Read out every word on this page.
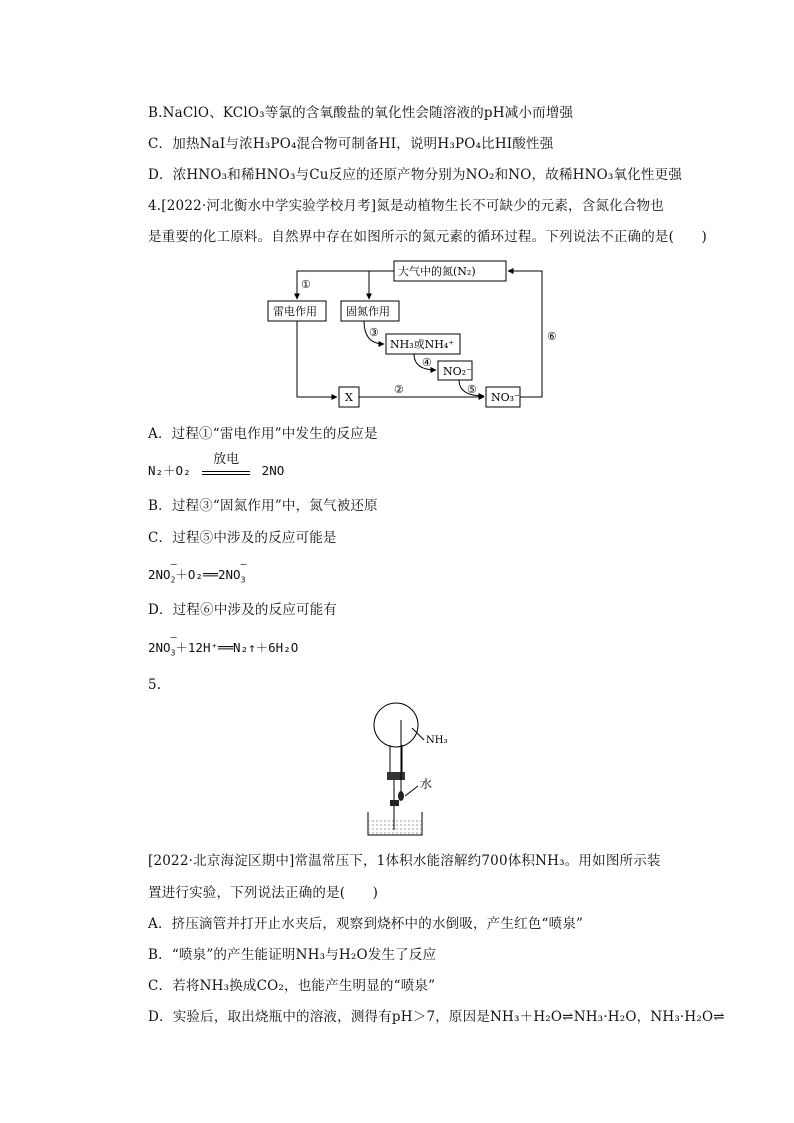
B.NaClO、KClO₃等氯的含氧酸盐的氧化性会随溶液的pH减小而增强
C．加热NaI与浓H₃PO₄混合物可制备HI，说明H₃PO₄比HI酸性强
D．浓HNO₃和稀HNO₃与Cu反应的还原产物分别为NO₂和NO，故稀HNO₃氧化性更强
4.[2022·河北衡水中学实验学校月考]氮是动植物生长不可缺少的元素，含氮化合物也
是重要的化工原料。自然界中存在如图所示的氮元素的循环过程。下列说法不正确的是(　　)
大气中的氮(N₂)
①
雷电作用	固氮作用
③
NH₃或NH₄⁺
④
NO₂⁻
⑤
X
②
NO₃⁻
⑥
A．过程①“雷电作用”中发生的反应是
N₂＋O₂
放电
2NO
B．过程③“固氮作用”中，氮气被还原
C．过程⑤中涉及的反应可能是
2NO
–
$_2$＋O₂══2NO
–
$_3$
D．过程⑥中涉及的反应可能有
2NO
–
$_3$＋12H⁺══N₂↑＋6H₂O
5.
NH₃
水
[2022·北京海淀区期中]常温常压下，1体积水能溶解约700体积NH₃。用如图所示装
置进行实验，下列说法正确的是(　　)
A．挤压滴管并打开止水夹后，观察到烧杯中的水倒吸，产生红色“喷泉”
B．“喷泉”的产生能证明NH₃与H₂O发生了反应
C．若将NH₃换成CO₂，也能产生明显的“喷泉”
D．实验后，取出烧瓶中的溶液，测得有pH＞7，原因是NH₃＋H₂O⇌NH₃·H₂O，NH₃·H₂O⇌
